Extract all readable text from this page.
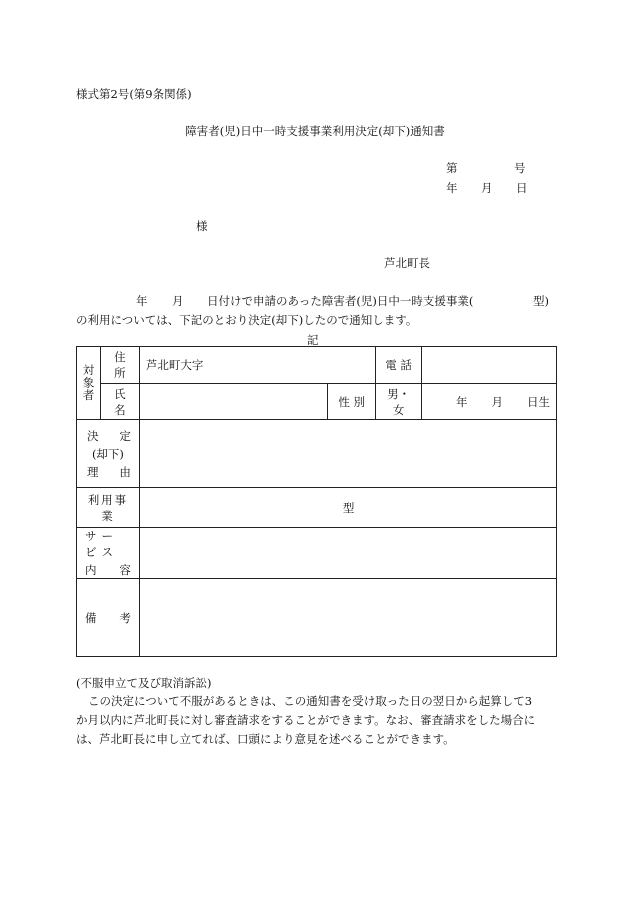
様式第2号(第9条関係)
障害者(児)日中一時支援事業利用決定(却下)通知書
第	号
年 月 日
様
芦北町長
年 月 日付けで申請のあった障害者(児)日中一時支援事業(	型)
の利用については、下記のとおり決定(却下)したので通知します。
記
対象者	住 所	芦北町大字		電 話	
	氏 名		性 別	男・女	年 月 日生

決 定
(却下)
理 由					

利用事業		型			

サービス
内 容					

備 考					

(不服申立て及び取消訴訟)
この決定について不服があるときは、この通知書を受け取った日の翌日から起算して3
か月以内に芦北町長に対し審査請求をすることができます。なお、審査請求をした場合に
は、芦北町長に申し立てれば、口頭により意見を述べることができます。
